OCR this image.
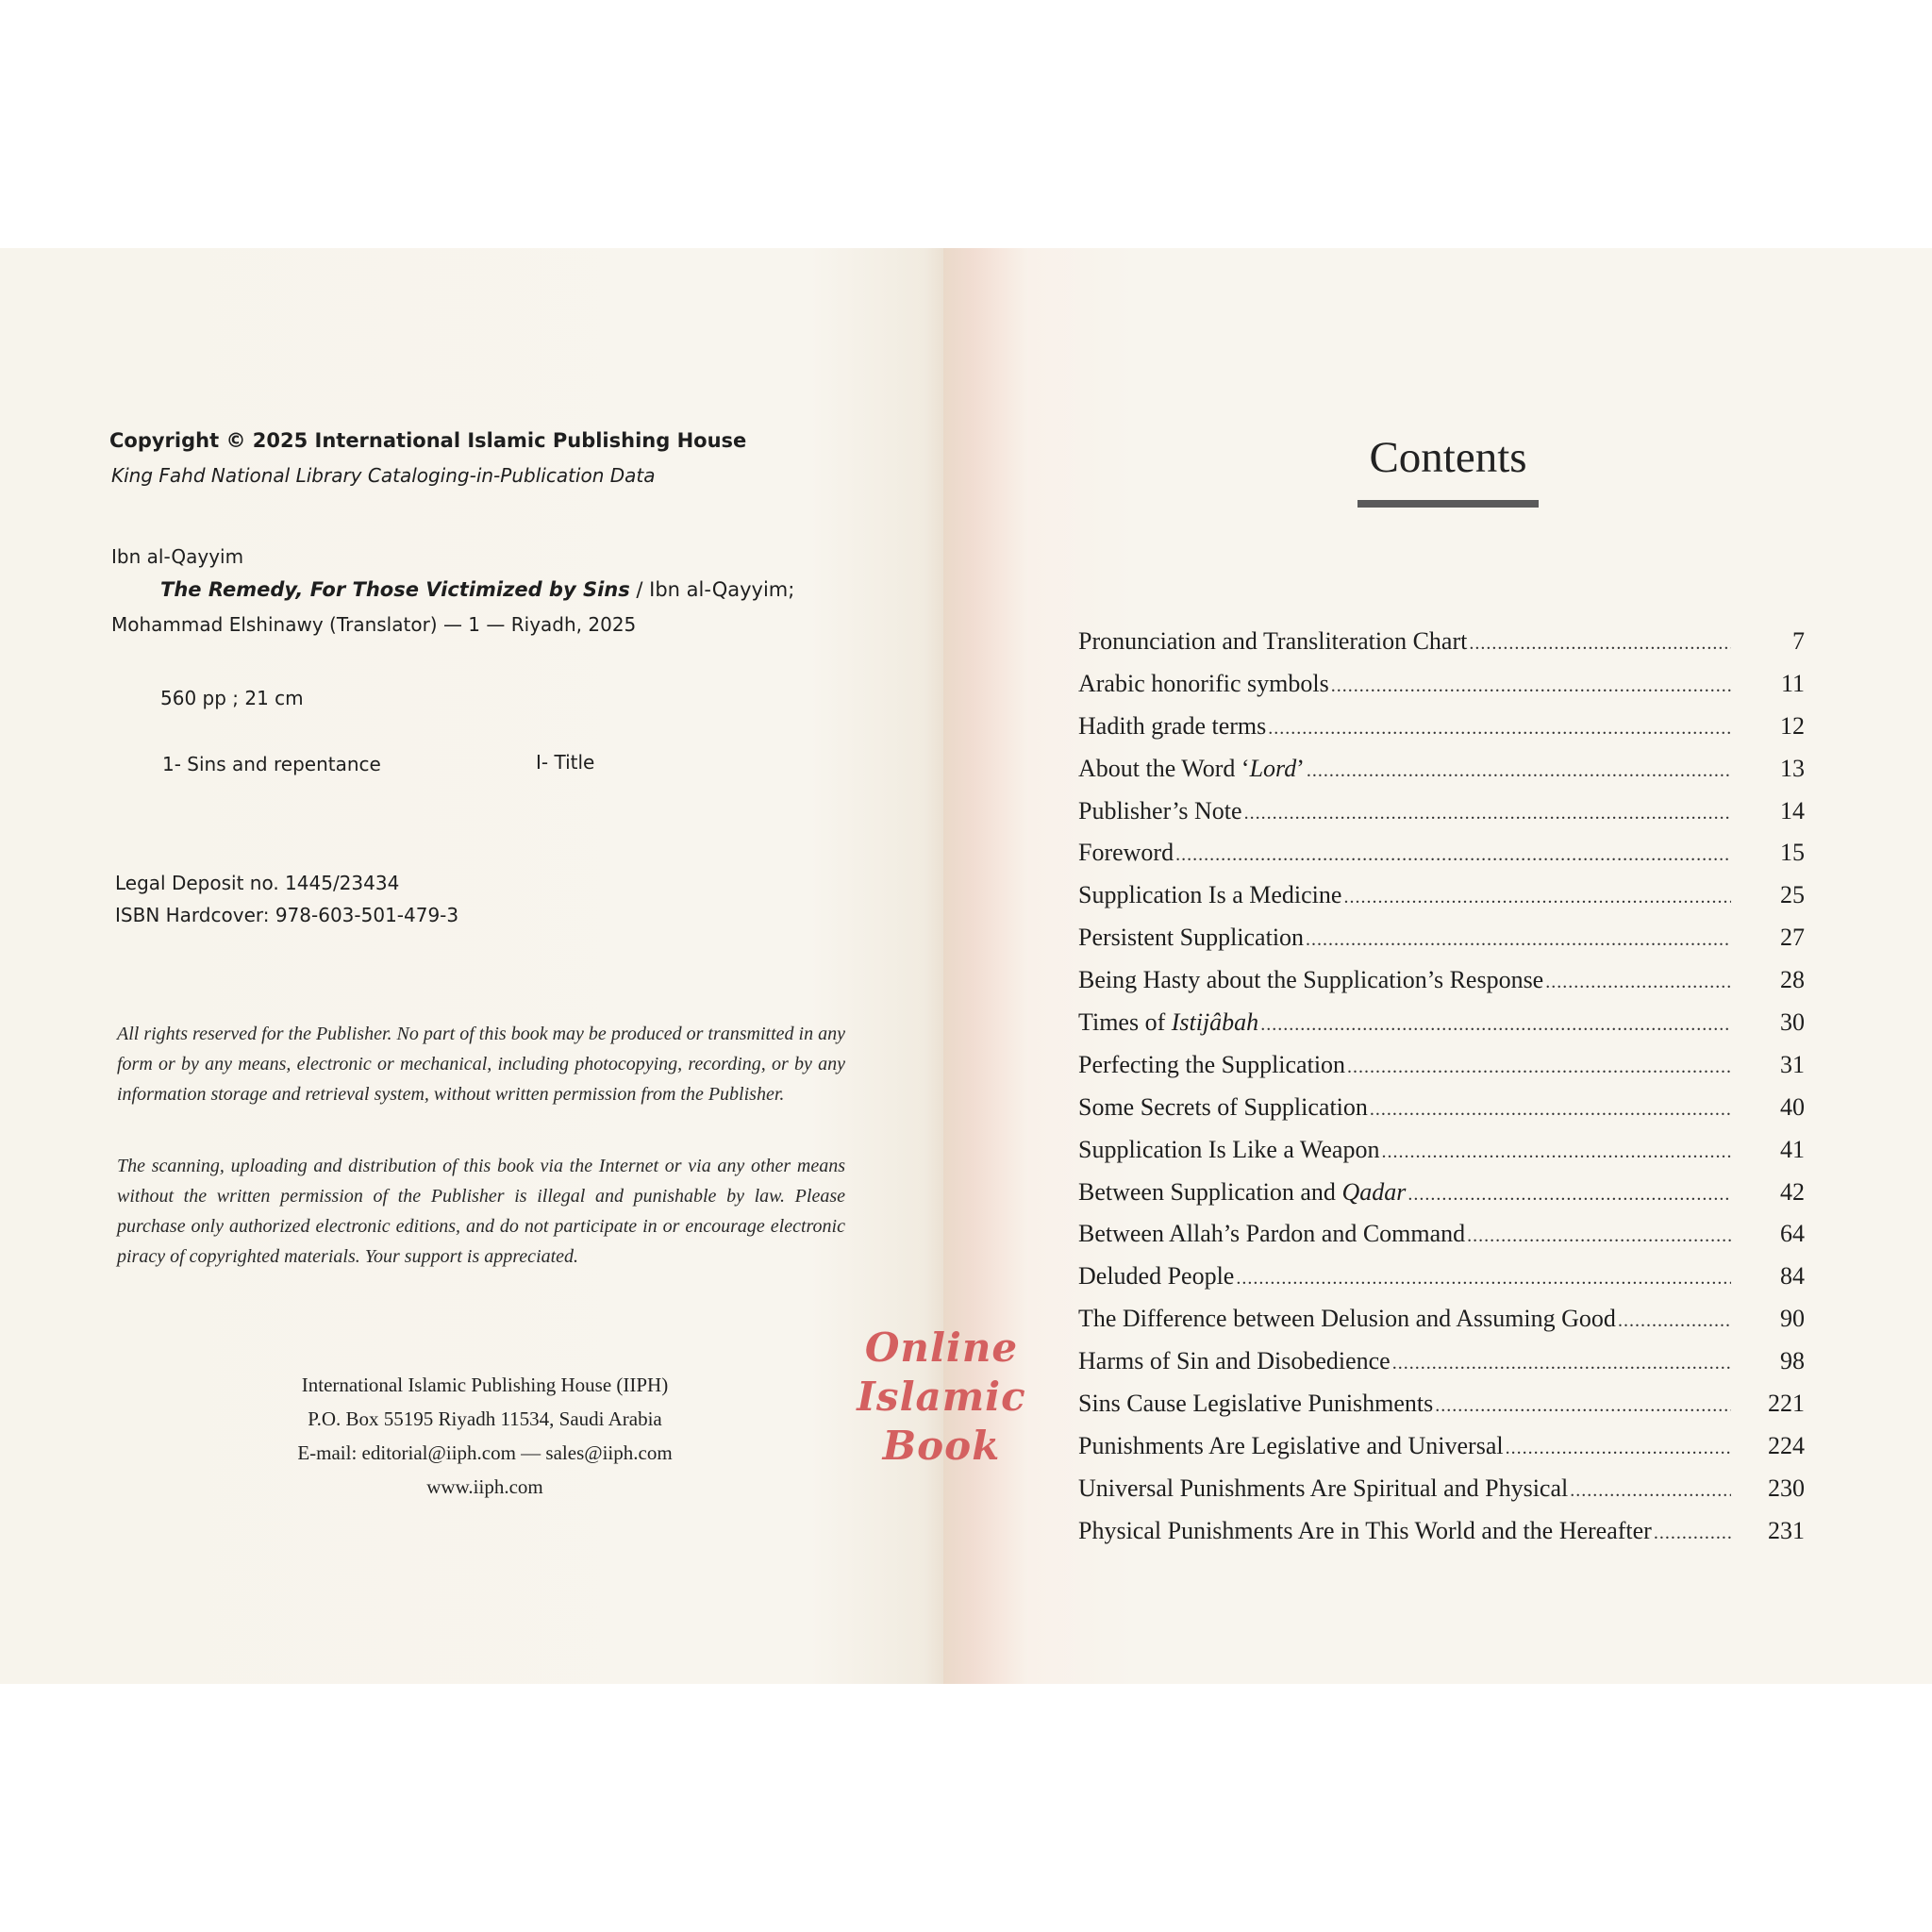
Copyright © 2025 International Islamic Publishing House
King Fahd National Library Cataloging-in-Publication Data
Ibn al-Qayyim
The Remedy, For Those Victimized by Sins / Ibn al-Qayyim;
Mohammad Elshinawy (Translator) — 1 — Riyadh, 2025
560 pp ; 21 cm
1- Sins and repentance	I- Title
Legal Deposit no. 1445/23434
ISBN Hardcover: 978-603-501-479-3
All rights reserved for the Publisher. No part of this book may be produced or transmitted in any form or by any means, electronic or mechanical, including photocopying, recording, or by any information storage and retrieval system, without written permission from the Publisher.
The scanning, uploading and distribution of this book via the Internet or via any other means without the written permission of the Publisher is illegal and punishable by law. Please purchase only authorized electronic editions, and do not participate in or encourage electronic piracy of copyrighted materials. Your support is appreciated.
International Islamic Publishing House (IIPH)
P.O. Box 55195 Riyadh 11534, Saudi Arabia
E-mail: editorial@iiph.com — sales@iiph.com
www.iiph.com
Contents
Pronunciation and Transliteration Chart .....	7
Arabic honorific symbols .....	11
Hadith grade terms .....	12
About the Word ‘Lord’ .....	13
Publisher’s Note .....	14
Foreword .....	15
Supplication Is a Medicine .....	25
Persistent Supplication .....	27
Being Hasty about the Supplication’s Response .....	28
Times of Istijâbah .....	30
Perfecting the Supplication .....	31
Some Secrets of Supplication .....	40
Supplication Is Like a Weapon .....	41
Between Supplication and Qadar .....	42
Between Allah’s Pardon and Command .....	64
Deluded People .....	84
The Difference between Delusion and Assuming Good .....	90
Harms of Sin and Disobedience .....	98
Sins Cause Legislative Punishments .....	221
Punishments Are Legislative and Universal .....	224
Universal Punishments Are Spiritual and Physical .....	230
Physical Punishments Are in This World and the Hereafter .....	231
Online Islamic
Book
